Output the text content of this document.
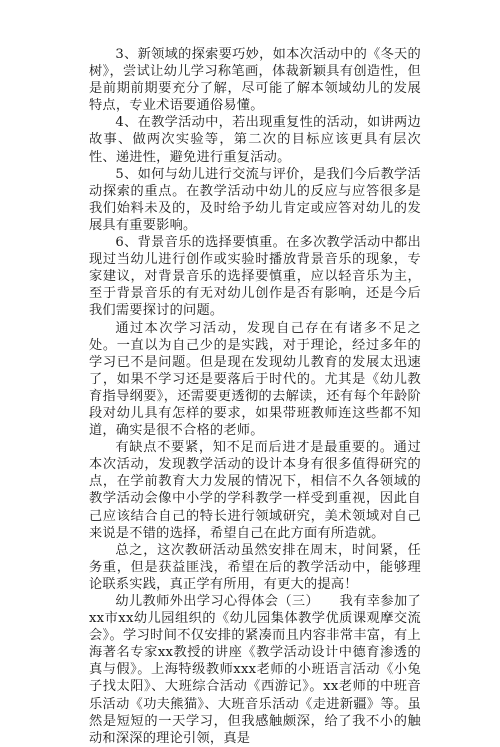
3、新领域的探索要巧妙，如本次活动中的《冬天的树》，尝试让幼儿学习称笔画，体裁新颖具有创造性，但是前期前期要充分了解，尽可能了解本领域幼儿的发展特点，专业术语要通俗易懂。

4、在教学活动中，若出现重复性的活动，如讲两边故事、做两次实验等，第二次的目标应该更具有层次性、递进性，避免进行重复活动。

5、如何与幼儿进行交流与评价，是我们今后教学活动探索的重点。在教学活动中幼儿的反应与应答很多是我们始料未及的，及时给予幼儿肯定或应答对幼儿的发展具有重要影响。

6、背景音乐的选择要慎重。在多次教学活动中都出现过当幼儿进行创作或实验时播放背景音乐的现象，专家建议，对背景音乐的选择要慎重，应以轻音乐为主，至于背景音乐的有无对幼儿创作是否有影响，还是今后我们需要探讨的问题。

通过本次学习活动，发现自己存在有诸多不足之处。一直以为自己少的是实践，对于理论，经过多年的学习已不是问题。但是现在发现幼儿教育的发展太迅速了，如果不学习还是要落后于时代的。尤其是《幼儿教育指导纲要》，还需要更透彻的去解读，还有每个年龄阶段对幼儿具有怎样的要求，如果带班教师连这些都不知道，确实是很不合格的老师。

有缺点不要紧，知不足而后进才是最重要的。通过本次活动，发现教学活动的设计本身有很多值得研究的点，在学前教育大力发展的情况下，相信不久各领域的教学活动会像中小学的学科教学一样受到重视，因此自己应该结合自己的特长进行领域研究，美术领域对自己来说是不错的选择，希望自己在此方面有所造就。

总之，这次教研活动虽然安排在周末，时间紧，任务重，但是获益匪浅，希望在后的教学活动中，能够理论联系实践，真正学有所用，有更大的提高！

幼儿教师外出学习心得体会（三）　　我有幸参加了xx市xx幼儿园组织的《幼儿园集体教学优质课观摩交流会》。学习时间不仅安排的紧凑而且内容非常丰富，有上海著名专家xx教授的讲座《教学活动设计中德育渗透的真与假》。上海特级教师xxx老师的小班语言活动《小兔子找太阳》、大班综合活动《西游记》。xx老师的中班音乐活动《功夫熊猫》、大班音乐活动《走进新疆》等。虽然是短短的一天学习，但我感触颇深，给了我不小的触动和深深的理论引领，真是
